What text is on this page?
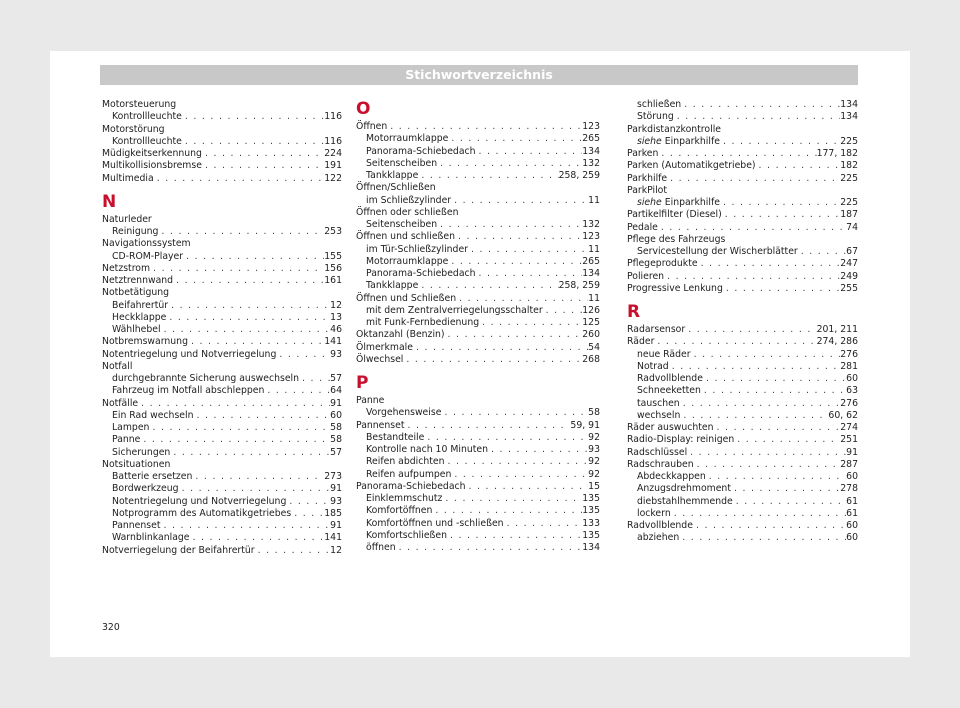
Stichwortverzeichnis
Motorsteuerung
Kontrollleuchte . . .	116
Motorstörung
Kontrollleuchte . . .	116
Müdigkeitserkennung . . .	224
Multikollisionsbremse . . .	191
Multimedia . . .	122
N
Naturleder
Reinigung . . .	253
Navigationssystem
CD-ROM-Player . . .	155
Netzstrom . . .	156
Netztrennwand . . .	161
Notbetätigung
Beifahrertür . . .	12
Heckklappe . . .	13
Wählhebel . . .	46
Notbremswarnung . . .	141
Notentriegelung und Notverriegelung . . .	93
Notfall
durchgebrannte Sicherung auswechseln . . .	57
Fahrzeug im Notfall abschleppen . . .	64
Notfälle . . .	91
Ein Rad wechseln . . .	60
Lampen . . .	58
Panne . . .	58
Sicherungen . . .	57
Notsituationen
Batterie ersetzen . . .	273
Bordwerkzeug . . .	91
Notentriegelung und Notverriegelung . . .	93
Notprogramm des Automatikgetriebes . . .	185
Pannenset . . .	91
Warnblinkanlage . . .	141
Notverriegelung der Beifahrertür . . .	12
O
Öffnen . . .	123
Motorraumklappe . . .	265
Panorama-Schiebedach . . .	134
Seitenscheiben . . .	132
Tankklappe . . .	258, 259
Öffnen/Schließen
im Schließzylinder . . .	11
Öffnen oder schließen
Seitenscheiben . . .	132
Öffnen und schließen . . .	123
im Tür-Schließzylinder . . .	11
Motorraumklappe . . .	265
Panorama-Schiebedach . . .	134
Tankklappe . . .	258, 259
Öffnen und Schließen . . .	11
mit dem Zentralverriegelungsschalter . . .	126
mit Funk-Fernbedienung . . .	125
Oktanzahl (Benzin) . . .	260
Ölmerkmale . . .	54
Ölwechsel . . .	268
P
Panne
Vorgehensweise . . .	58
Pannenset . . .	59, 91
Bestandteile . . .	92
Kontrolle nach 10 Minuten . . .	93
Reifen abdichten . . .	92
Reifen aufpumpen . . .	92
Panorama-Schiebedach . . .	15
Einklemmschutz . . .	135
Komfortöffnen . . .	135
Komfortöffnen und -schließen . . .	133
Komfortschließen . . .	135
öffnen . . .	134
schließen . . .	134
Störung . . .	134
Parkdistanzkontrolle
siehe Einparkhilfe . . .	225
Parken . . .	177, 182
Parken (Automatikgetriebe) . . .	182
Parkhilfe . . .	225
ParkPilot
siehe Einparkhilfe . . .	225
Partikelfilter (Diesel) . . .	187
Pedale . . .	74
Pflege des Fahrzeugs
Servicestellung der Wischerblätter . . .	67
Pflegeprodukte . . .	247
Polieren . . .	249
Progressive Lenkung . . .	255
R
Radarsensor . . .	201, 211
Räder . . .	274, 286
neue Räder . . .	276
Notrad . . .	281
Radvollblende . . .	60
Schneeketten . . .	63
tauschen . . .	276
wechseln . . .	60, 62
Räder auswuchten . . .	274
Radio-Display: reinigen . . .	251
Radschlüssel . . .	91
Radschrauben . . .	287
Abdeckkappen . . .	60
Anzugsdrehmoment . . .	278
diebstahlhemmende . . .	61
lockern . . .	61
Radvollblende . . .	60
abziehen . . .	60
320
